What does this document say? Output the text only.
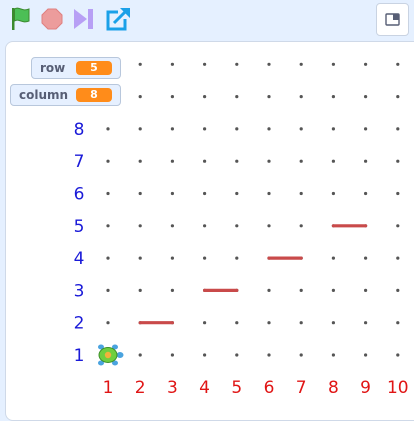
8
7
6
5
4
3
2
1
1 2 3 4 5 6 7 8 9 10
row	5
column	8
